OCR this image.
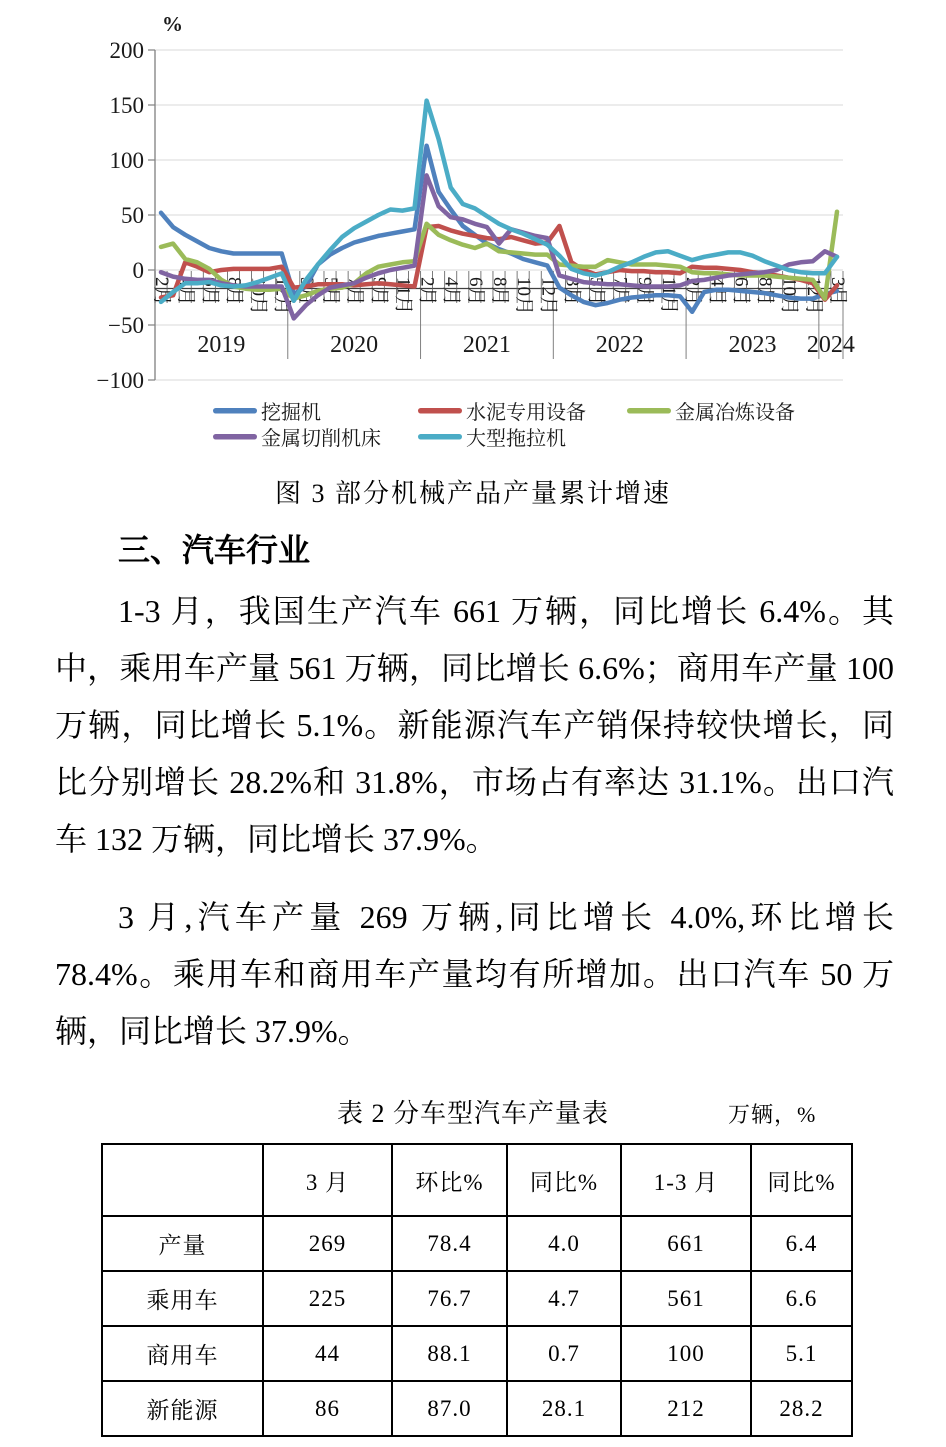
200
150
100
50
0
−50
−100
%
2019	2020	2021	2022	2023 2024
2月 4月 6月 8月 10月 12月 3月 5月 7月 9月 11月 2月 4月 6月 8月 10月 12月 3月 5月 7月 9月 11月 2月 4月 6月 8月 10月 12月 3月
挖掘机	水泥专用设备	金属冶炼设备
金属切削机床	大型拖拉机
图 3 部分机械产品产量累计增速
三、汽车行业

1-3 月，我国生产汽车 661 万辆，同比增长 6.4%。其中，乘用车产量 561 万辆，同比增长 6.6%；商用车产量 100 万辆，同比增长 5.1%。新能源汽车产销保持较快增长，同比分别增长 28.2%和 31.8%，市场占有率达 31.1%。出口汽车 132 万辆，同比增长 37.9%。

3 月,汽车产量 269 万辆,同比增长 4.0%,环比增长 78.4%。乘用车和商用车产量均有所增加。出口汽车 50 万辆，同比增长 37.9%。

表 2 分车型汽车产量表	万辆，%
	3 月	环比%	同比%	1-3 月	同比%
产量	269	78.4	4.0	661	6.4
乘用车	225	76.7	4.7	561	6.6
商用车	44	88.1	0.7	100	5.1
新能源	86	87.0	28.1	212	28.2
